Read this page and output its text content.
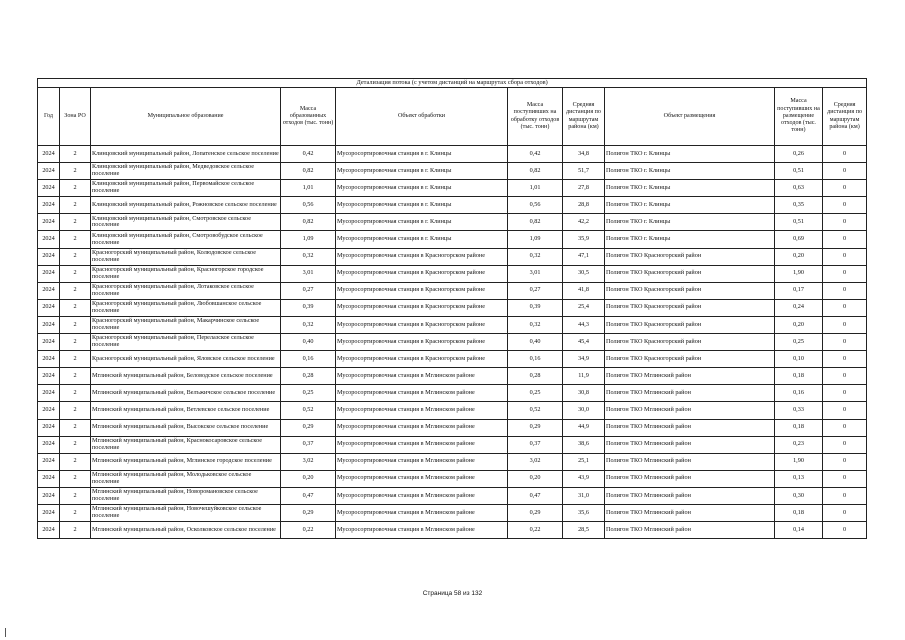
Детализация потока (с учетом дистанций на маршрутах сбора отходов)									
Год	Зона РО	Муниципальное образование	Масса образованных отходов (тыс. тонн)	Объект обработки	Масса поступивших на обработку отходов (тыс. тонн)	Средняя дистанция по маршрутам района (км)	Объект размещения	Масса поступивших на размещение отходов (тыс. тонн)	Средняя дистанция по маршрутам района (км)
2024	2	Клинцовский муниципальный район, Лопатенское сельское поселение	0,42	Мусоросортировочная станция в г. Клинцы	0,42	34,8	Полигон ТКО г. Клинцы	0,26	0
2024	2	Клинцовский муниципальный район, Медведовское сельское поселение	0,82	Мусоросортировочная станция в г. Клинцы	0,82	51,7	Полигон ТКО г. Клинцы	0,51	0
2024	2	Клинцовский муниципальный район, Первомайское сельское поселение	1,01	Мусоросортировочная станция в г. Клинцы	1,01	27,8	Полигон ТКО г. Клинцы	0,63	0
2024	2	Клинцовский муниципальный район, Рожновское сельское поселение	0,56	Мусоросортировочная станция в г. Клинцы	0,56	28,8	Полигон ТКО г. Клинцы	0,35	0
2024	2	Клинцовский муниципальный район, Смотровское сельское поселение	0,82	Мусоросортировочная станция в г. Клинцы	0,82	42,2	Полигон ТКО г. Клинцы	0,51	0
2024	2	Клинцовский муниципальный район, Смотровобудское сельское поселение	1,09	Мусоросортировочная станция в г. Клинцы	1,09	35,9	Полигон ТКО г. Клинцы	0,69	0
2024	2	Красногорский муниципальный район, Колюдовское сельское поселение	0,32	Мусоросортировочная станция в Красногорском районе	0,32	47,1	Полигон ТКО Красногорский район	0,20	0
2024	2	Красногорский муниципальный район, Красногорское городское поселение	3,01	Мусоросортировочная станция в Красногорском районе	3,01	30,5	Полигон ТКО Красногорский район	1,90	0
2024	2	Красногорский муниципальный район, Лотаковское сельское поселение	0,27	Мусоросортировочная станция в Красногорском районе	0,27	41,8	Полигон ТКО Красногорский район	0,17	0
2024	2	Красногорский муниципальный район, Любовшанское сельское поселение	0,39	Мусоросортировочная станция в Красногорском районе	0,39	25,4	Полигон ТКО Красногорский район	0,24	0
2024	2	Красногорский муниципальный район, Макарчинское сельское поселение	0,32	Мусоросортировочная станция в Красногорском районе	0,32	44,3	Полигон ТКО Красногорский район	0,20	0
2024	2	Красногорский муниципальный район, Перелазское сельское поселение	0,40	Мусоросортировочная станция в Красногорском районе	0,40	45,4	Полигон ТКО Красногорский район	0,25	0
2024	2	Красногорский муниципальный район, Яловское сельское поселение	0,16	Мусоросортировочная станция в Красногорском районе	0,16	34,9	Полигон ТКО Красногорский район	0,10	0
2024	2	Мглинский муниципальный район, Беловодское сельское поселение	0,28	Мусоросортировочная станция в Мглинском районе	0,28	11,9	Полигон ТКО Мглинский район	0,18	0
2024	2	Мглинский муниципальный район, Велъжичское сельское поселение	0,25	Мусоросортировочная станция в Мглинском районе	0,25	30,8	Полигон ТКО Мглинский район	0,16	0
2024	2	Мглинский муниципальный район, Ветлевское сельское поселение	0,52	Мусоросортировочная станция в Мглинском районе	0,52	30,0	Полигон ТКО Мглинский район	0,33	0
2024	2	Мглинский муниципальный район, Высокское сельское поселение	0,29	Мусоросортировочная станция в Мглинском районе	0,29	44,9	Полигон ТКО Мглинский район	0,18	0
2024	2	Мглинский муниципальный район, Краснокосаровское сельское поселение	0,37	Мусоросортировочная станция в Мглинском районе	0,37	38,6	Полигон ТКО Мглинский район	0,23	0
2024	2	Мглинский муниципальный район, Мглинское городское поселение	3,02	Мусоросортировочная станция в Мглинском районе	3,02	25,1	Полигон ТКО Мглинский район	1,90	0
2024	2	Мглинский муниципальный район, Молодьковское сельское поселение	0,20	Мусоросортировочная станция в Мглинском районе	0,20	43,9	Полигон ТКО Мглинский район	0,13	0
2024	2	Мглинский муниципальный район, Новоромановское сельское поселение	0,47	Мусоросортировочная станция в Мглинском районе	0,47	31,0	Полигон ТКО Мглинский район	0,30	0
2024	2	Мглинский муниципальный район, Новочешуйковское сельское поселение	0,29	Мусоросортировочная станция в Мглинском районе	0,29	35,6	Полигон ТКО Мглинский район	0,18	0
2024	2	Мглинский муниципальный район, Осколковское сельское поселение	0,22	Мусоросортировочная станция в Мглинском районе	0,22	28,5	Полигон ТКО Мглинский район	0,14	0
Страница 58 из 132
